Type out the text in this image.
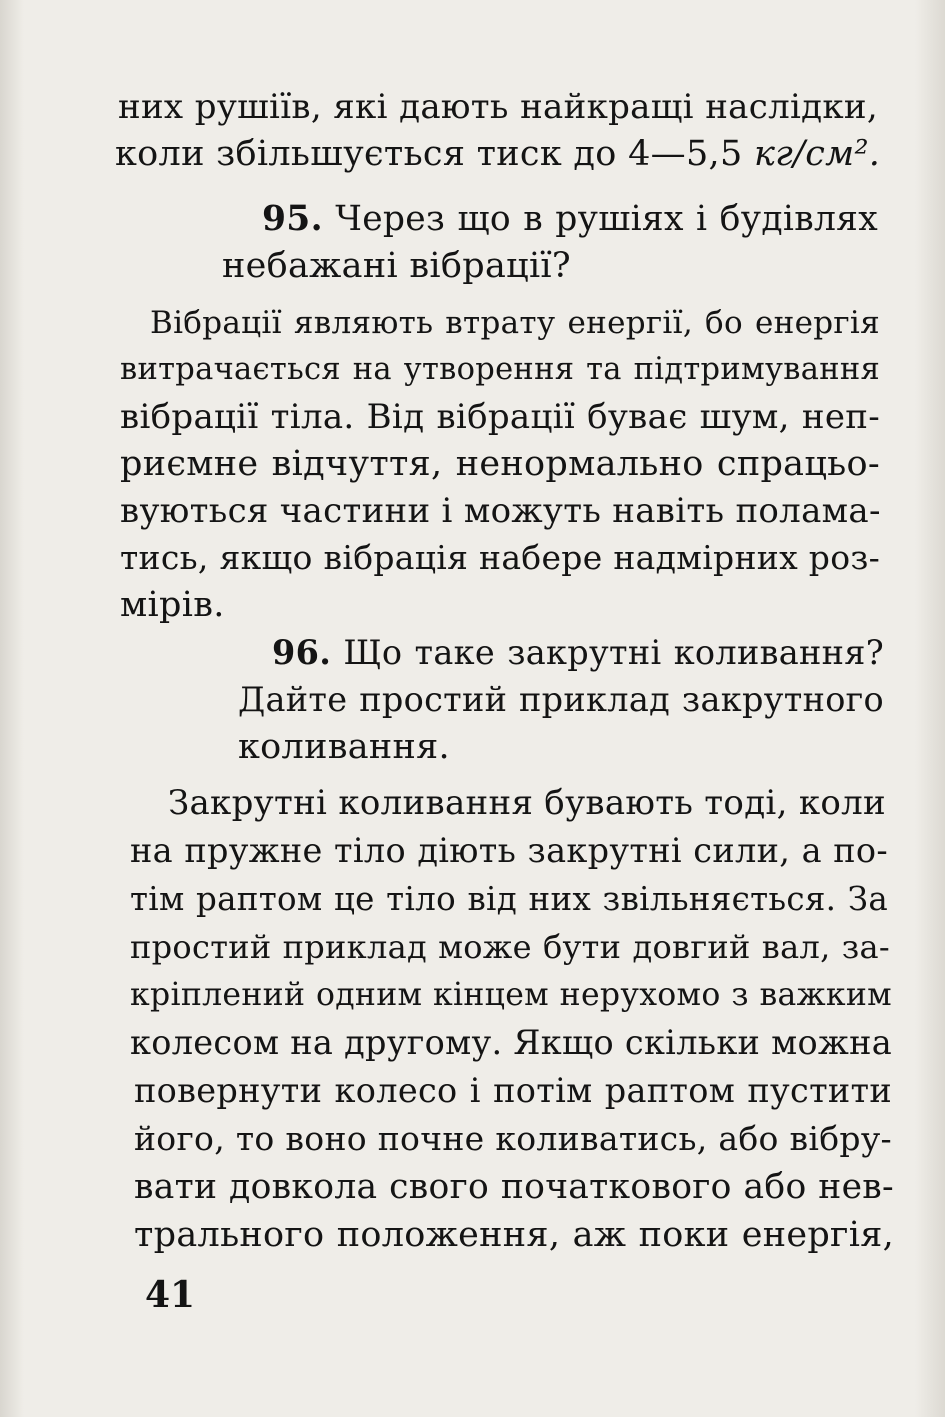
них рушіїв, які дають найкращі наслідки,
коли збільшується тиск до 4—5,5 кг/см².
95. Через що в рушіях і будівлях
небажані вібрації?
Вібрації являють втрату енергії, бо енергія
витрачається на утворення та підтримування
вібрації тіла. Від вібрації буває шум, неп-
риємне відчуття, ненормально спрацьо-
вуються частини і можуть навіть полама-
тись, якщо вібрація набере надмірних роз-
мірів.
96. Що таке закрутні коливання?
Дайте простий приклад закрутного
коливання.
Закрутні коливання бувають тоді, коли
на пружне тіло діють закрутні сили, а по-
тім раптом це тіло від них звільняється. За
простий приклад може бути довгий вал, за-
кріплений одним кінцем нерухомо з важким
колесом на другому. Якщо скільки можна
повернути колесо і потім раптом пустити
його, то воно почне коливатись, або вібру-
вати довкола свого початкового або нев-
трального положення, аж поки енергія,
41
